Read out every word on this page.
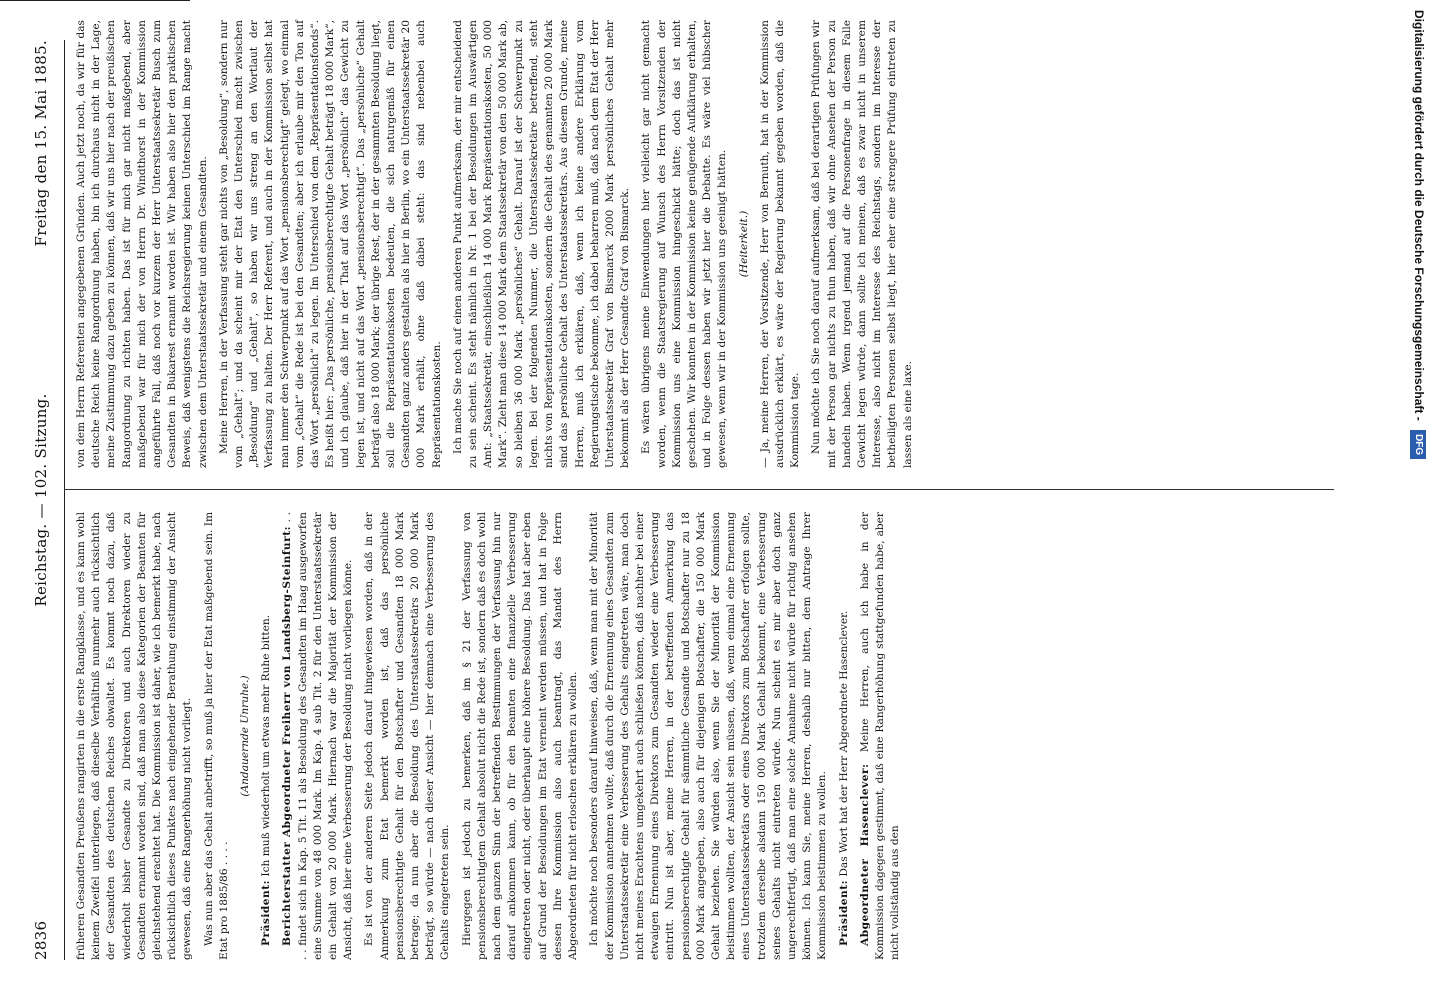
2836
Reichstag. — 102. Sitzung.
Freitag den 15. Mai 1885.

früheren Gesandten Preußens rangirten in die erste Rangklasse, und es kann wohl keinem Zweifel unterliegen, daß dieselbe Verhältniß nunmehr auch rücksichtlich der Gesandten des deutschen Reiches obwaltet. Es kommt noch dazu, daß wiederholt bisher Gesandte zu Direktoren und auch Direktoren wieder zu Gesandten ernannt worden sind, daß man also diese Kategorien der Beamten für gleichstehend erachtet hat. Die Kommission ist daher, wie ich bemerkt habe, nach rücksichtlich dieses Punktes nach eingehender Berathung einstimmig der Ansicht gewesen, daß eine Rangerhöhung nicht vorliegt. Was nun aber das Gehalt anbetrifft, so muß ja hier der Etat maßgebend sein. Im Etat pro 1885/86 . . . .

(Andauernde Unruhe.)

Präsident: Ich muß wiederholt um etwas mehr Ruhe bitten. Berichterstatter Abgeordneter Freiherr von Landsberg-Steinfurt: . . . . findet sich in Kap. 5 Tit. 11 als Besoldung des Gesandten im Haag ausgeworfen eine Summe von 48 000 Mark. Im Kap. 4 sub Tit. 2 für den Unterstaatssekretär ein Gehalt von 20 000 Mark. Hiernach war die Majorität der Kommission der Ansicht, daß hier eine Verbesserung der Besoldung nicht vorliegen könne. Es ist von der anderen Seite jedoch darauf hingewiesen worden, daß in der Anmerkung zum Etat bemerkt worden ist, daß das persönliche pensionsberechtigte Gehalt für den Botschafter und Gesandten 18 000 Mark betrage; da nun aber die Besoldung des Unterstaatssekretärs 20 000 Mark beträgt, so würde — nach dieser Ansicht — hier demnach eine Verbesserung des Gehalts eingetreten sein. Hiergegen ist jedoch zu bemerken, daß im § 21 der Verfassung von pensionsberechtigtem Gehalt absolut nicht die Rede ist, sondern daß es doch wohl nach dem ganzen Sinn der betreffenden Bestimmungen der Verfassung hin nur darauf ankommen kann, ob für den Beamten eine finanzielle Verbesserung eingetreten oder nicht, oder überhaupt eine höhere Besoldung. Das hat aber eben auf Grund der Besoldungen im Etat verneint werden müssen, und hat in Folge dessen Ihre Kommission also auch beantragt, das Mandat des Herrn Abgeordneten für nicht erloschen erklären zu wollen. Ich möchte noch besonders darauf hinweisen, daß, wenn man mit der Minorität der Kommission annehmen wollte, daß durch die Ernennung eines Gesandten zum Unterstaatssekretär eine Verbesserung des Gehalts eingetreten wäre, man doch nicht meines Erachtens umgekehrt auch schließen können, daß nachher bei einer etwaigen Ernennung eines Direktors zum Gesandten wieder eine Verbesserung eintritt. Nun ist aber, meine Herren, in der betreffenden Anmerkung das pensionsberechtigte Gehalt für sämmtliche Gesandte und Botschafter nur zu 18 000 Mark angegeben, also auch für diejenigen Botschafter, die 150 000 Mark Gehalt beziehen. Sie würden also, wenn Sie der Minorität der Kommission beistimmen wollten, der Ansicht sein müssen, daß, wenn einmal eine Ernennung eines Unterstaatssekretärs oder eines Direktors zum Botschafter erfolgen sollte, trotzdem derselbe alsdann 150 000 Mark Gehalt bekommt, eine Verbesserung seines Gehalts nicht eintreten würde. Nun scheint es mir aber doch ganz ungerechtfertigt, daß man eine solche Annahme nicht würde für richtig ansehen können. Ich kann Sie, meine Herren, deshalb nur bitten, dem Antrage Ihrer Kommission beistimmen zu wollen. Präsident: Das Wort hat der Herr Abgeordnete Hasenclever. Abgeordneter Hasenclever: Meine Herren, auch ich habe in der Kommission dagegen gestimmt, daß eine Rangerhöhung stattgefunden habe, aber nicht vollständig aus den

von dem Herrn Referenten angegebenen Gründen. Auch jetzt noch, da wir für das deutsche Reich keine Rangordnung haben, bin ich durchaus nicht in der Lage, meine Zustimmung dazu geben zu können, daß wir uns hier nach der preußischen Rangordnung zu richten haben. Das ist für mich gar nicht maßgebend, aber maßgebend war für mich der von Herrn Dr. Windthorst in der Kommission angeführte Fall, daß noch vor kurzem der Herr Unterstaatssekretär Busch zum Gesandten in Bukarest ernannt worden ist. Wir haben also hier den praktischen Beweis, daß wenigstens die Reichsregierung keinen Unterschied im Range macht zwischen dem Unterstaatssekretär und einem Gesandten. Meine Herren, in der Verfassung steht gar nichts von „Besoldung“, sondern nur vom „Gehalt“; und da scheint mir der Etat den Unterschied macht zwischen „Besoldung“ und „Gehalt“, so haben wir uns streng an den Wortlaut der Verfassung zu halten. Der Herr Referent, und auch in der Kommission selbst hat man immer den Schwerpunkt auf das Wort „pensionsberechtigt“ gelegt, wo einmal vom „Gehalt“ die Rede ist bei den Gesandten; aber ich erlaube mir den Ton auf das Wort „persönlich“ zu legen. Im Unterschied von dem „Repräsentationsfonds“. Es heißt hier: „Das persönliche, pensionsberechtigte Gehalt beträgt 18 000 Mark“, und ich glaube, daß hier in der That auf das Wort „persönlich“ das Gewicht zu legen ist, und nicht auf das Wort „pensionsberechtigt“. Das „persönliche“ Gehalt beträgt also 18 000 Mark; der übrige Rest, der in der gesammten Besoldung liegt, soll die Repräsentationskosten bedeuten, die sich naturgemäß für einen Gesandten ganz anders gestalten als hier in Berlin, wo ein Unterstaatssekretär 20 000 Mark erhält, ohne daß dabei steht: das sind nebenbei auch Repräsentationskosten. Ich mache Sie noch auf einen anderen Punkt aufmerksam, der mir entscheidend zu sein scheint. Es steht nämlich in Nr. 1 bei der Besoldungen im Auswärtigen Amt: „Staatssekretär, einschließlich 14 000 Mark Repräsentationskosten, 50 000 Mark“. Zieht man diese 14 000 Mark dem Staatssekretär von den 50 000 Mark ab, so bleiben 36 000 Mark „persönliches“ Gehalt. Darauf ist der Schwerpunkt zu legen. Bei der folgenden Nummer, die Unterstaatssekretäre betreffend, steht nichts von Repräsentationskosten, sondern die Gehalt des genannten 20 000 Mark sind das persönliche Gehalt des Unterstaatssekretärs. Aus diesem Grunde, meine Herren, muß ich erklären, daß, wenn ich keine andere Erklärung vom Regierungstische bekomme, ich dabei beharren muß, daß nach dem Etat der Herr Unterstaatssekretär Graf von Bismarck 2000 Mark persönliches Gehalt mehr bekommt als der Herr Gesandte Graf von Bismarck. Es wären übrigens meine Einwendungen hier vielleicht gar nicht gemacht worden, wenn die Staatsregierung auf Wunsch des Herrn Vorsitzenden der Kommission uns eine Kommission hingeschickt hätte; doch das ist nicht geschehen. Wir konnten in der Kommission keine genügende Aufklärung erhalten, und in Folge dessen haben wir jetzt hier die Debatte. Es wäre viel hübscher gewesen, wenn wir in der Kommission uns geeinigt hätten. (Heiterkeit.) — Ja, meine Herren, der Vorsitzende, Herr von Bernuth, hat in der Kommission ausdrücklich erklärt, es wäre der Regierung bekannt gegeben worden, daß die Kommission tage. Nun möchte ich Sie noch darauf aufmerksam, daß bei derartigen Prüfungen wir mit der Person gar nichts zu thun haben, daß wir ohne Ansehen der Person zu handeln haben. Wenn irgend jemand auf die Personenfrage in diesem Falle Gewicht legen würde, dann sollte ich meinen, daß es zwar nicht in unserem Interesse, also nicht im Interesse des Reichstags, sondern im Interesse der betheiligten Personen selbst liegt, hier eher eine strengere Prüfung eintreten zu lassen als eine laxe.	Digitalisierung gefördert durch die Deutsche Forschungsgemeinschaft - DFG
